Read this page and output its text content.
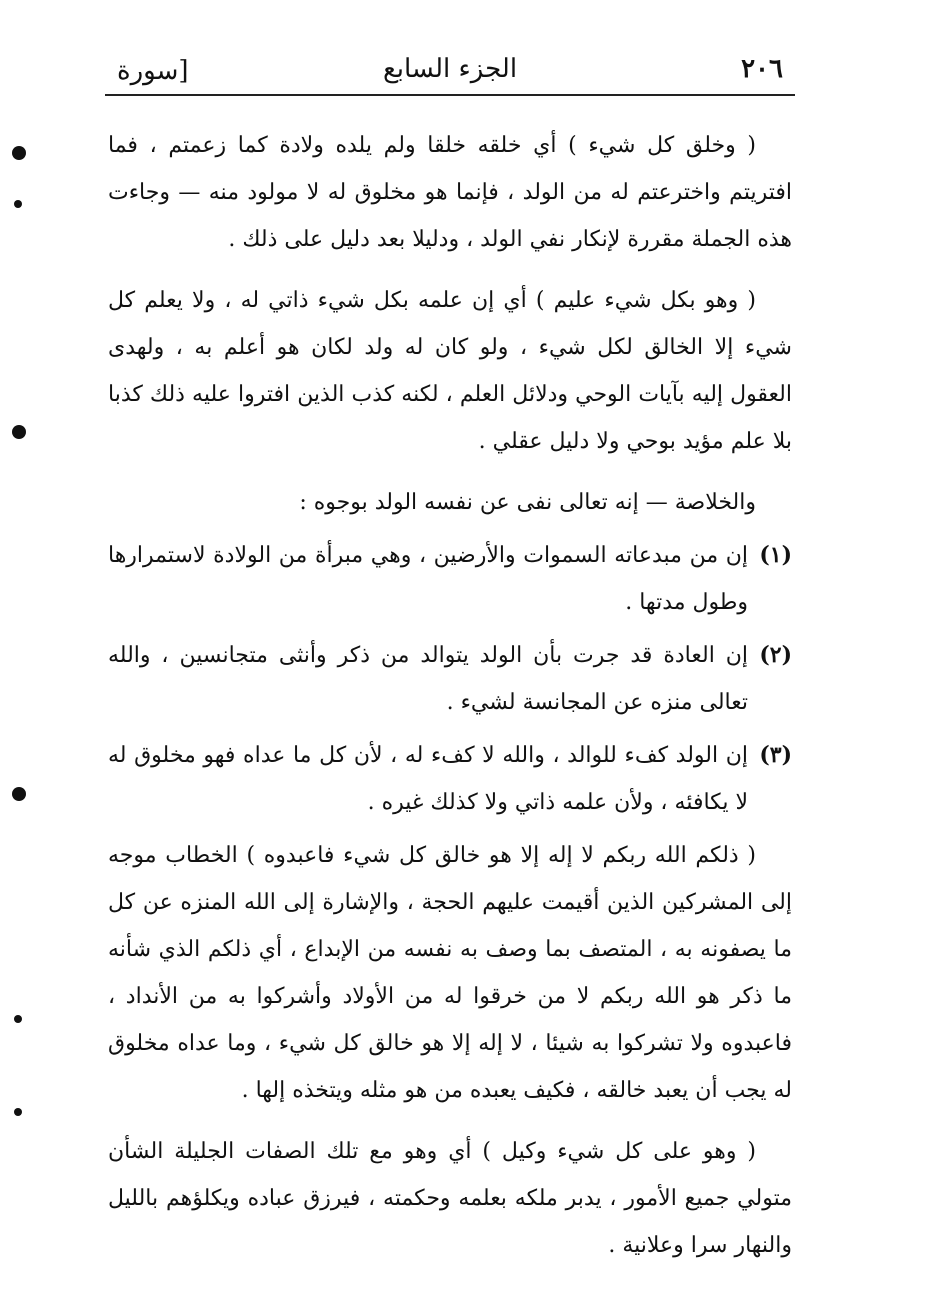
٢٠٦
الجزء السابع
[سورة

( وخلق كل شيء ) أي خلقه خلقا ولم يلده ولادة كما زعمتم ، فما افتريتم واخترعتم له من الولد ، فإنما هو مخلوق له لا مولود منه — وجاءت هذه الجملة مقررة لإنكار نفي الولد ، ودليلا بعد دليل على ذلك .

( وهو بكل شيء عليم ) أي إن علمه بكل شيء ذاتي له ، ولا يعلم كل شيء إلا الخالق لكل شيء ، ولو كان له ولد لكان هو أعلم به ، ولهدى العقول إليه بآيات الوحي ودلائل العلم ، لكنه كذب الذين افتروا عليه ذلك كذبا بلا علم مؤيد بوحي ولا دليل عقلي .

والخلاصة — إنه تعالى نفى عن نفسه الولد بوجوه :

(١)
إن من مبدعاته السموات والأرضين ، وهي مبرأة من الولادة لاستمرارها وطول مدتها .
(٢)
إن العادة قد جرت بأن الولد يتوالد من ذكر وأنثى متجانسين ، والله تعالى منزه عن المجانسة لشيء .
(٣)
إن الولد كفء للوالد ، والله لا كفء له ، لأن كل ما عداه فهو مخلوق له لا يكافئه ، ولأن علمه ذاتي ولا كذلك غيره .

( ذلكم الله ربكم لا إله إلا هو خالق كل شيء فاعبدوه ) الخطاب موجه إلى المشركين الذين أقيمت عليهم الحجة ، والإشارة إلى الله المنزه عن كل ما يصفونه به ، المتصف بما وصف به نفسه من الإبداع ، أي ذلكم الذي شأنه ما ذكر هو الله ربكم لا من خرقوا له من الأولاد وأشركوا به من الأنداد ، فاعبدوه ولا تشركوا به شيئا ، لا إله إلا هو خالق كل شيء ، وما عداه مخلوق له يجب أن يعبد خالقه ، فكيف يعبده من هو مثله ويتخذه إلها .

( وهو على كل شيء وكيل ) أي وهو مع تلك الصفات الجليلة الشأن متولي جميع الأمور ، يدبر ملكه بعلمه وحكمته ، فيرزق عباده ويكلؤهم بالليل والنهار سرا وعلانية .
